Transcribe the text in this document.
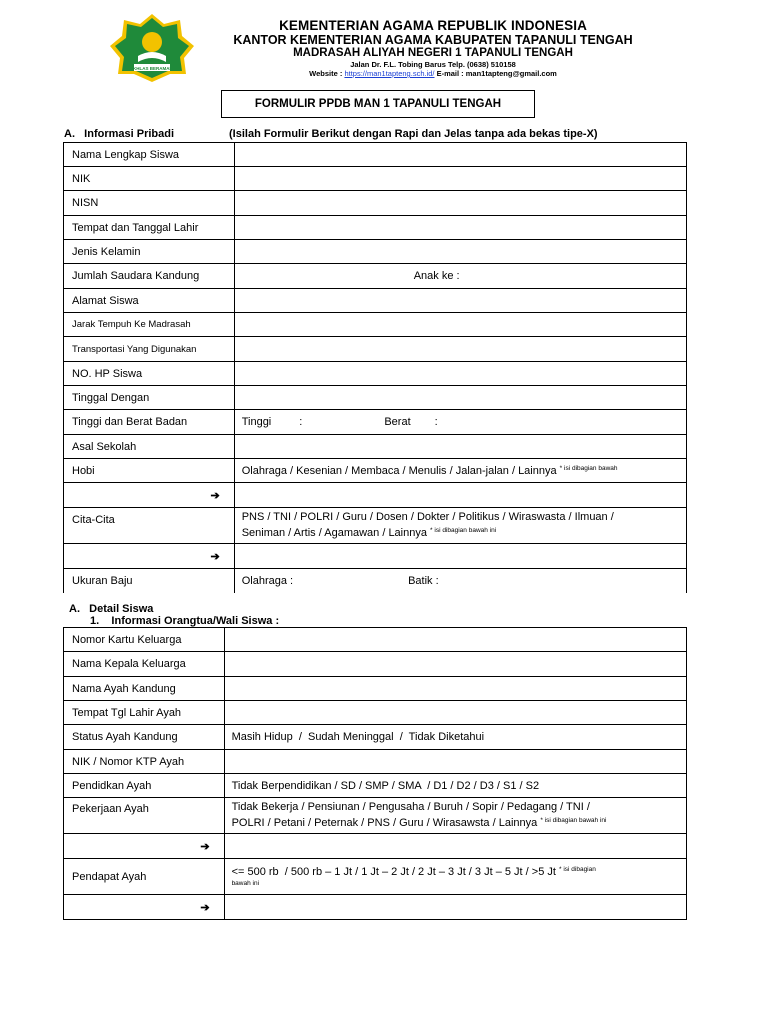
IKHLAS BERAMAL
KEMENTERIAN AGAMA REPUBLIK INDONESIA
KANTOR KEMENTERIAN AGAMA KABUPATEN TAPANULI TENGAH
MADRASAH ALIYAH NEGERI 1 TAPANULI TENGAH
Jalan Dr. F.L. Tobing Barus Telp. (0638) 510158
Website : https://man1tapteng.sch.id/ E-mail : man1tapteng@gmail.com
FORMULIR PPDB MAN 1 TAPANULI TENGAH
A. Informasi Pribadi	(Isilah Formulir Berikut dengan Rapi dan Jelas tanpa ada bekas tipe-X)
Nama Lengkap Siswa	
NIK	
NISN	
Tempat dan Tanggal Lahir	
Jenis Kelamin	
Jumlah Saudara Kandung	Anak ke :
Alamat Siswa	
Jarak Tempuh Ke Madrasah	
Transportasi Yang Digunakan	
NO. HP Siswa	
Tinggal Dengan	
Tinggi dan Berat Badan	Tinggi : Berat :
Asal Sekolah	
Hobi	Olahraga / Kesenian / Membaca / Menulis / Jalan-jalan / Lainnya $^{* isi dibagian bawah}$
➔	
Cita-Cita	PNS / TNI / POLRI / Guru / Dosen / Dokter / Politikus / Wiraswasta / Ilmuan /
Seniman / Artis / Agamawan / Lainnya $^{* isi dibagian bawah ini}$

➔	
Ukuran Baju	Olahraga : Batik :
A. Detail Siswa
1. Informasi Orangtua/Wali Siswa :
Nomor Kartu Keluarga	
Nama Kepala Keluarga	
Nama Ayah Kandung	
Tempat Tgl Lahir Ayah	
Status Ayah Kandung	Masih Hidup  /  Sudah Meninggal  /  Tidak Diketahui
NIK / Nomor KTP Ayah	
Pendidkan Ayah	Tidak Berpendidikan / SD / SMP / SMA  / D1 / D2 / D3 / S1 / S2
Pekerjaan Ayah	Tidak Bekerja / Pensiunan / Pengusaha / Buruh / Sopir / Pedagang / TNI /
POLRI / Petani / Peternak / PNS / Guru / Wirasawsta / Lainnya $^{* isi dibagian bawah ini}$

➔	
Pendapat Ayah	<= 500 rb  / 500 rb – 1 Jt / 1 Jt – 2 Jt / 2 Jt – 3 Jt / 3 Jt – 5 Jt / >5 Jt $^{* isi dibagian}$
bawah ini

➔	
